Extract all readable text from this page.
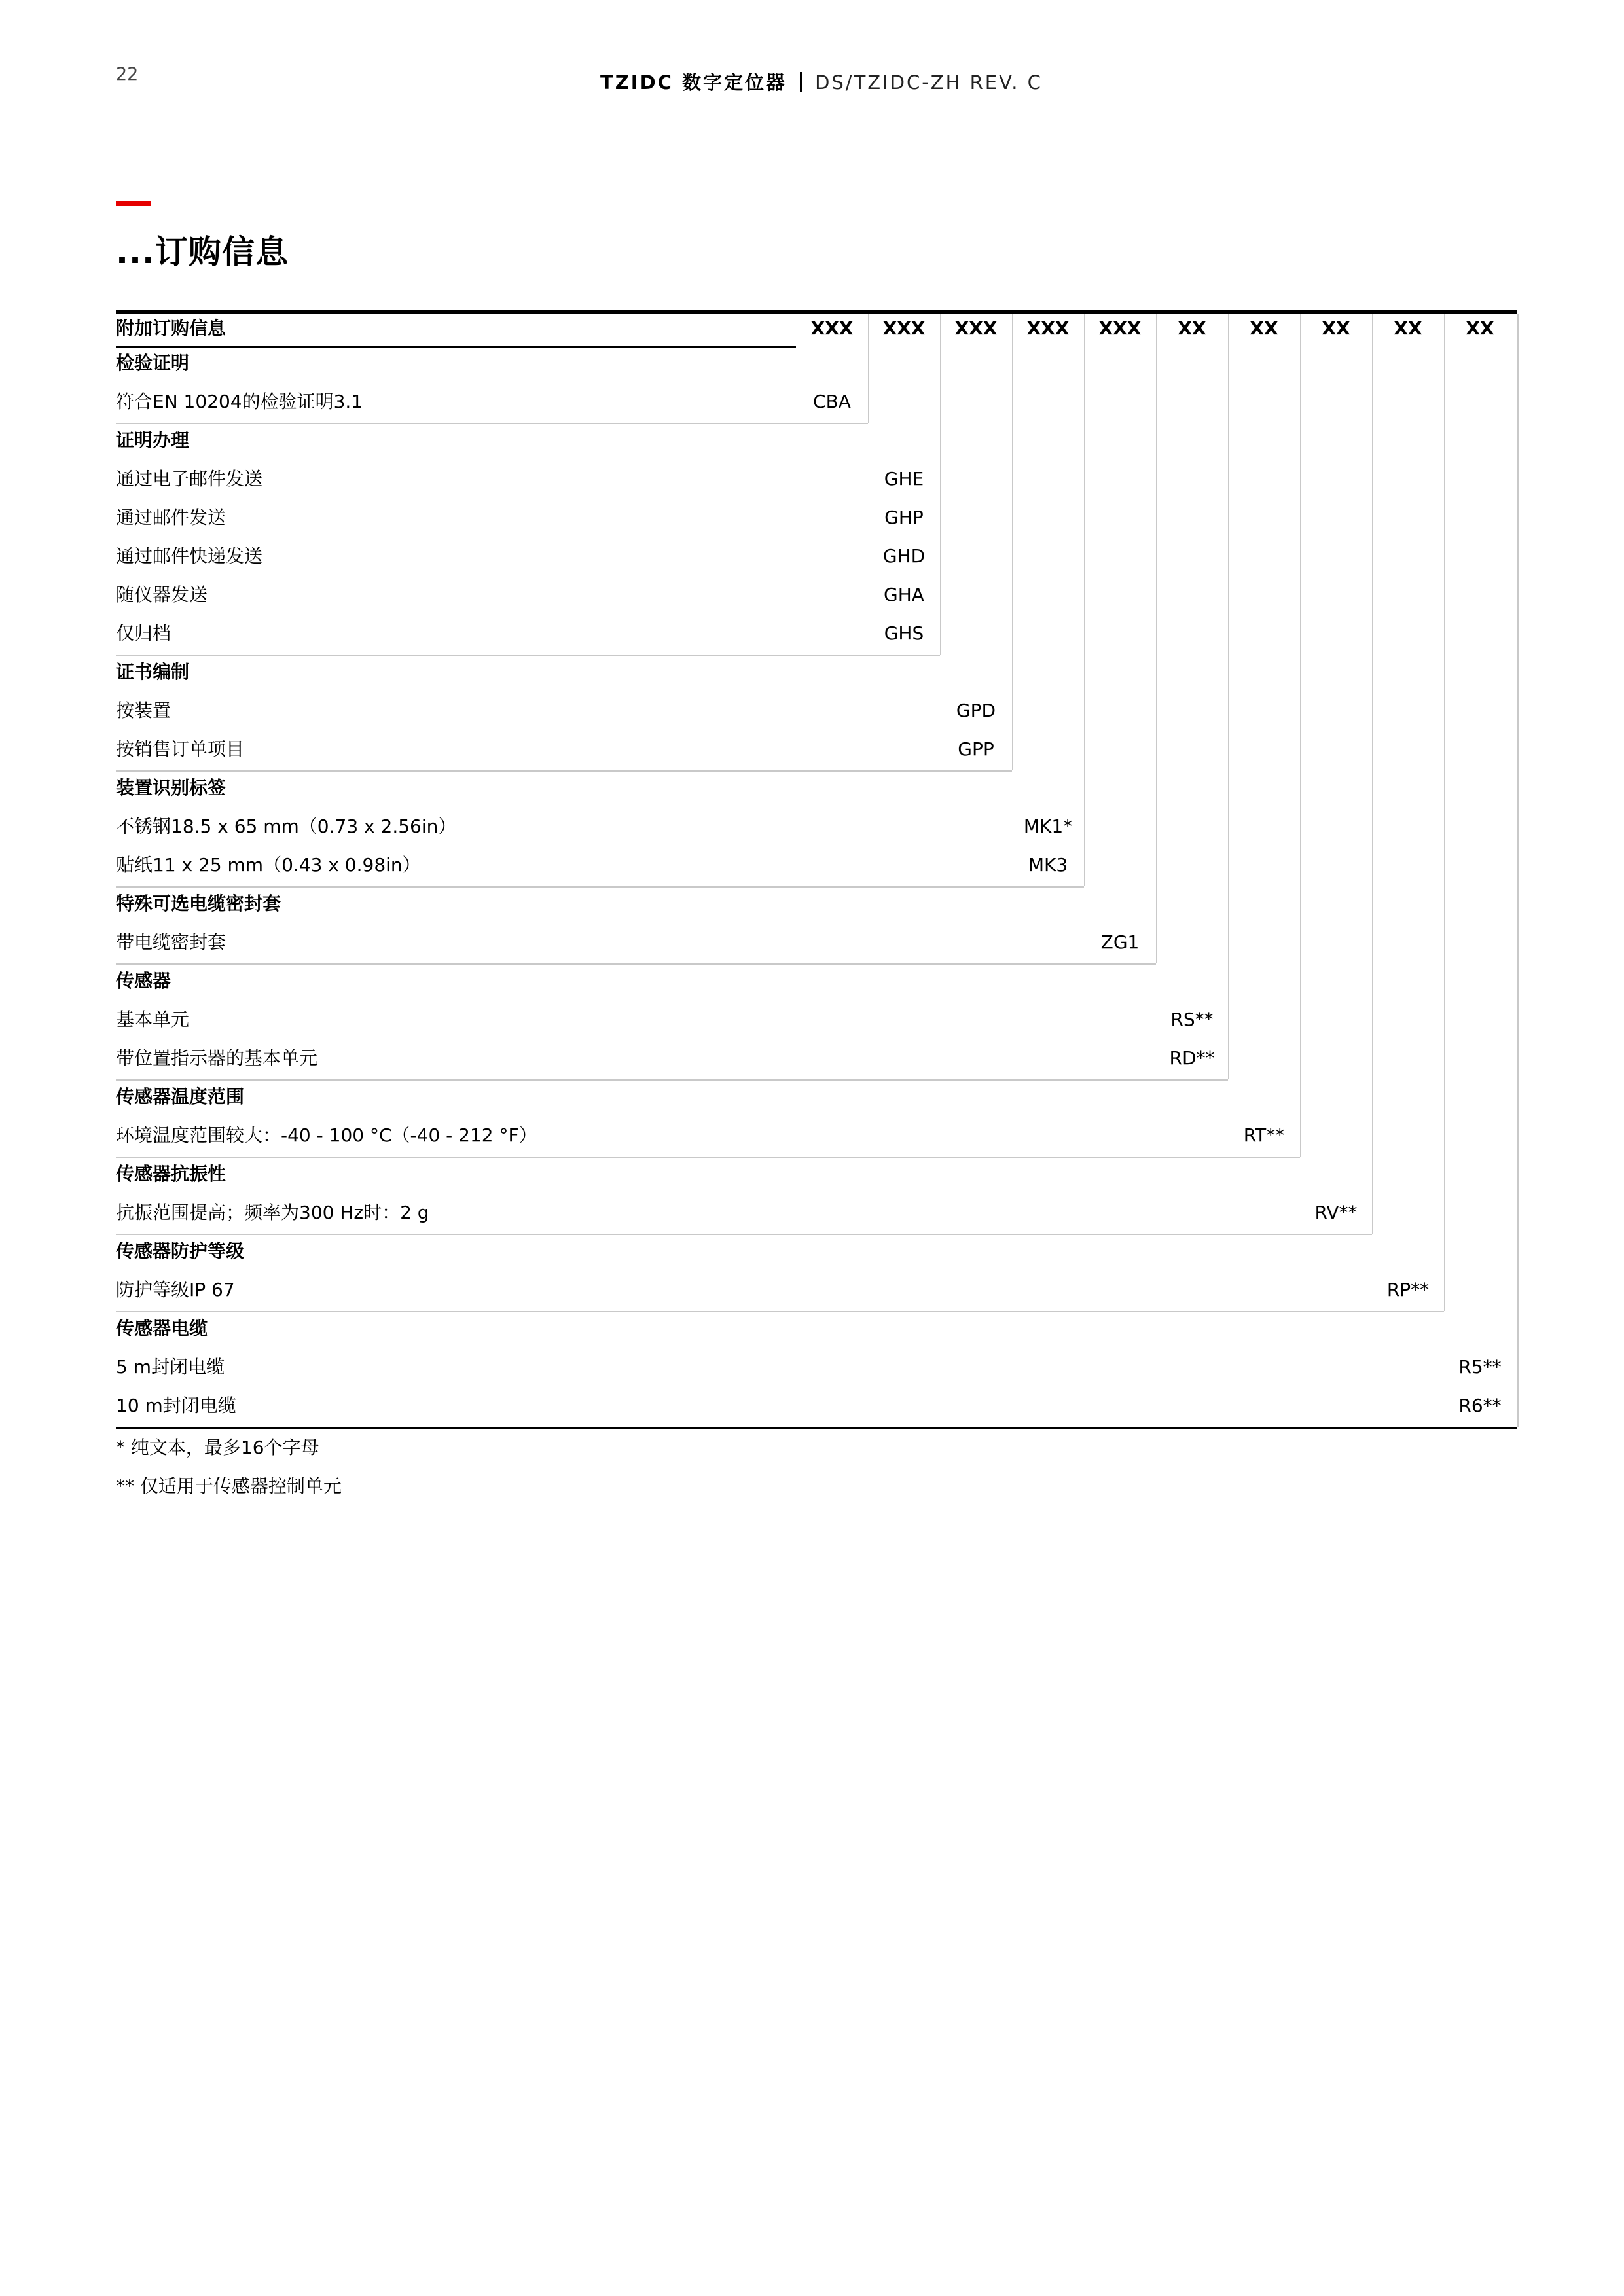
22	TZIDC 数字定位器 DS/TZIDC-ZH REV. C
...订购信息
附加订购信息	XXX	XXX	XXX	XXX	XXX	XX	XX	XX	XX	XX
检验证明
符合EN 10204的检验证明3.1	CBA
证明办理
通过电子邮件发送	GHE
通过邮件发送	GHP
通过邮件快递发送	GHD
随仪器发送	GHA
仅归档	GHS
证书编制
按装置	GPD
按销售订单项目	GPP
装置识别标签
不锈钢18.5 x 65 mm（0.73 x 2.56in）	MK1*
贴纸11 x 25 mm（0.43 x 0.98in）	MK3
特殊可选电缆密封套
带电缆密封套	ZG1
传感器
基本单元	RS**
带位置指示器的基本单元	RD**
传感器温度范围
环境温度范围较大：-40 - 100 °C（-40 - 212 °F）	RT**
传感器抗振性
抗振范围提高；频率为300 Hz时：2 g	RV**
传感器防护等级
防护等级IP 67	RP**
传感器电缆
5 m封闭电缆	R5**
10 m封闭电缆	R6**
* 纯文本，最多16个字母
** 仅适用于传感器控制单元
